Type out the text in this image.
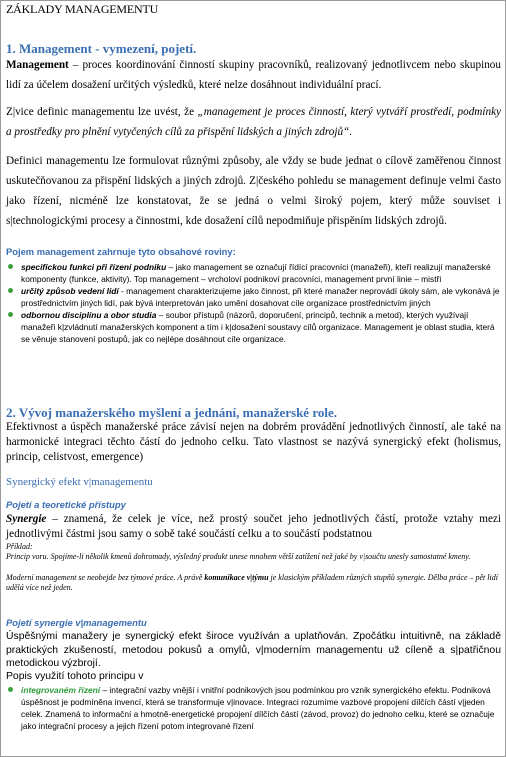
ZÁKLADY MANAGEMENTU
1. Management - vymezení, pojetí.
Management – proces koordinování činností skupiny pracovníků, realizovaný jednotlivcem nebo skupinou lidí za účelem dosažení určitých výsledků, které nelze dosáhnout individuální prací.
Z|vice definic managementu lze uvést, že „management je proces činností, který vytváří prostředí, podmínky a prostředky pro plnění vytyčených cílů za přispění lidských a jiných zdrojů“.
Definici managementu lze formulovat různými způsoby, ale vždy se bude jednat o cílově zaměřenou činnost uskutečňovanou za přispění lidských a jiných zdrojů. Z|českého pohledu se management definuje velmi často jako řízení, nicméně lze konstatovat, že se jedná o velmi široký pojem, který může souviset i s|technologickými procesy a činnostmi, kde dosažení cílů nepodmiňuje přispěním lidských zdrojů.
Pojem management zahrnuje tyto obsahové roviny:
specifickou funkci při řízení podniku – jako management se označují řídící pracovníci (manažeři), kteří realizují manažerské komponenty (funkce, aktivity). Top management – vrcholoví podnikoví pracovníci, management první linie – mistři
určitý způsob vedení lidí - management charakterizujeme jako činnost, při které manažer neprovádí úkoly sám, ale vykonává je prostřednictvím jiných lidí, pak bývá interpretován jako umění dosahovat cíle organizace prostřednictvím jiných
odbornou disciplínu a obor studia – soubor přístupů (názorů, doporučení, principů, technik a metod), kterých využívají manažeři k|zvládnutí manažerských komponent a tím i k|dosažení soustavy cílů organizace. Management je oblast studia, která se věnuje stanovení postupů, jak co nejlépe dosáhnout cíle organizace.
2. Vývoj manažerského myšlení a jednání, manažerské role.
Efektivnost a úspěch manažerské práce závisí nejen na dobrém provádění jednotlivých činností, ale také na harmonické integraci těchto částí do jednoho celku. Tato vlastnost se nazývá synergický efekt (holismus, princip, celistvost, emergence)
Synergický efekt v|managementu
Pojetí a teoretické přístupy
Synergie – znamená, že celek je více, než prostý součet jeho jednotlivých částí, protože vztahy mezi jednotlivými částmi jsou samy o sobě také součástí celku a to součástí podstatnou
Příklad:
Princip voru. Spojíme-li několik kmenů dohromady, výsledný produkt unese mnohem větší zatížení než jaké by v|součtu unesly samostatné kmeny.
Moderní management se neobejde bez týmové práce. A právě komunikace v|týmu je klasickým příkladem různých stupňů synergie. Dělba práce – pět lidí udělá více než jeden.
Pojetí synergie v|managementu
Úspěšnými manažery je synergický efekt široce využíván a uplatňován. Zpočátku intuitivně, na základě praktických zkušeností, metodou pokusů a omylů, v|moderním managementu už cíleně a s|patřičnou metodickou výzbrojí.
Popis využití tohoto principu v
integrovaném řízení – integrační vazby vnější i vnitřní podnikových jsou podmínkou pro vznik synergického efektu. Podniková úspěšnost je podmíněna invencí, která se transformuje v|inovace. Integraci rozumíme vazbové propojení dílčích částí v|jeden celek. Znamená to informační a hmotně-energetické propojení dílčích částí (závod, provoz) do jednoho celku, které se označuje jako integrační procesy a jejich řízení potom integrované řízení
